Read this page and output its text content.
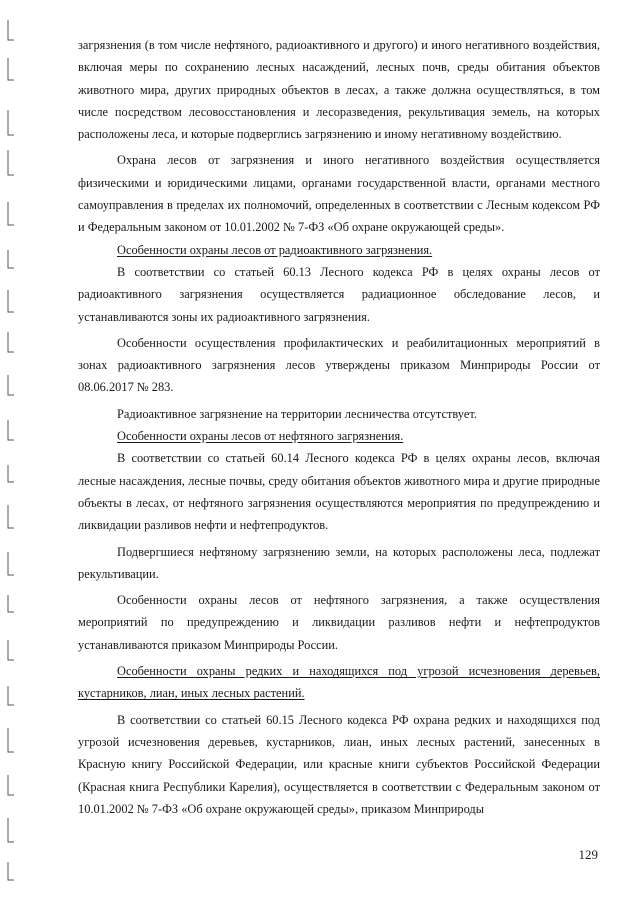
загрязнения (в том числе нефтяного, радиоактивного и другого) и иного негативного воздействия, включая меры по сохранению лесных насаждений, лесных почв, среды обитания объектов животного мира, других природных объектов в лесах, а также должна осуществляться, в том числе посредством лесовосстановления и лесоразведения, рекультивация земель, на которых расположены леса, и которые подверглись загрязнению и иному негативному воздействию.

Охрана лесов от загрязнения и иного негативного воздействия осуществляется физическими и юридическими лицами, органами государственной власти, органами местного самоуправления в пределах их полномочий, определенных в соответствии с Лесным кодексом РФ и Федеральным законом от 10.01.2002 № 7-ФЗ «Об охране окружающей среды».

Особенности охраны лесов от радиоактивного загрязнения.

В соответствии со статьей 60.13 Лесного кодекса РФ в целях охраны лесов от радиоактивного загрязнения осуществляется радиационное обследование лесов, и устанавливаются зоны их радиоактивного загрязнения.

Особенности осуществления профилактических и реабилитационных мероприятий в зонах радиоактивного загрязнения лесов утверждены приказом Минприроды России от 08.06.2017 № 283.

Радиоактивное загрязнение на территории лесничества отсутствует.

Особенности охраны лесов от нефтяного загрязнения.

В соответствии со статьей 60.14 Лесного кодекса РФ в целях охраны лесов, включая лесные насаждения, лесные почвы, среду обитания объектов животного мира и другие природные объекты в лесах, от нефтяного загрязнения осуществляются мероприятия по предупреждению и ликвидации разливов нефти и нефтепродуктов.

Подвергшиеся нефтяному загрязнению земли, на которых расположены леса, подлежат рекультивации.

Особенности охраны лесов от нефтяного загрязнения, а также осуществления мероприятий по предупреждению и ликвидации разливов нефти и нефтепродуктов устанавливаются приказом Минприроды России.

Особенности охраны редких и находящихся под угрозой исчезновения деревьев, кустарников, лиан, иных лесных растений.

В соответствии со статьей 60.15 Лесного кодекса РФ охрана редких и находящихся под угрозой исчезновения деревьев, кустарников, лиан, иных лесных растений, занесенных в Красную книгу Российской Федерации, или красные книги субъектов Российской Федерации (Красная книга Республики Карелия), осуществляется в соответствии с Федеральным законом от 10.01.2002 № 7-ФЗ «Об охране окружающей среды», приказом Минприроды

129
